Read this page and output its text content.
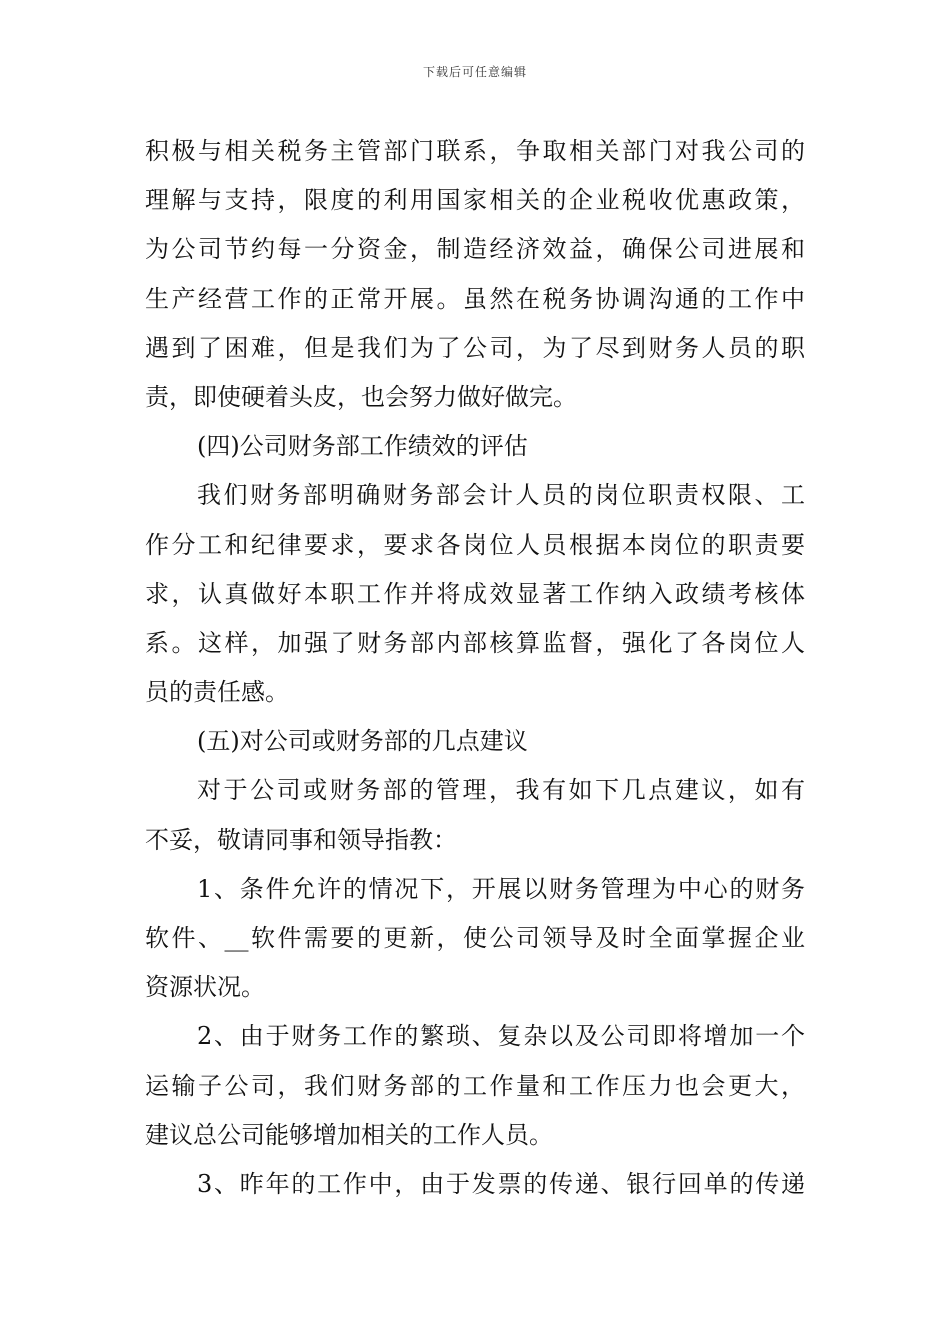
下载后可任意编辑
积极与相关税务主管部门联系，争取相关部门对我公司的
理解与支持，限度的利用国家相关的企业税收优惠政策，
为公司节约每一分资金，制造经济效益，确保公司进展和
生产经营工作的正常开展。虽然在税务协调沟通的工作中
遇到了困难，但是我们为了公司，为了尽到财务人员的职
责，即使硬着头皮，也会努力做好做完。
(四)公司财务部工作绩效的评估
我们财务部明确财务部会计人员的岗位职责权限、工
作分工和纪律要求，要求各岗位人员根据本岗位的职责要
求，认真做好本职工作并将成效显著工作纳入政绩考核体
系。这样，加强了财务部内部核算监督，强化了各岗位人
员的责任感。
(五)对公司或财务部的几点建议
对于公司或财务部的管理，我有如下几点建议，如有
不妥，敬请同事和领导指教：
1、条件允许的情况下，开展以财务管理为中心的财务
软件、__软件需要的更新，使公司领导及时全面掌握企业
资源状况。
2、由于财务工作的繁琐、复杂以及公司即将增加一个
运输子公司，我们财务部的工作量和工作压力也会更大，
建议总公司能够增加相关的工作人员。
3、昨年的工作中，由于发票的传递、银行回单的传递
